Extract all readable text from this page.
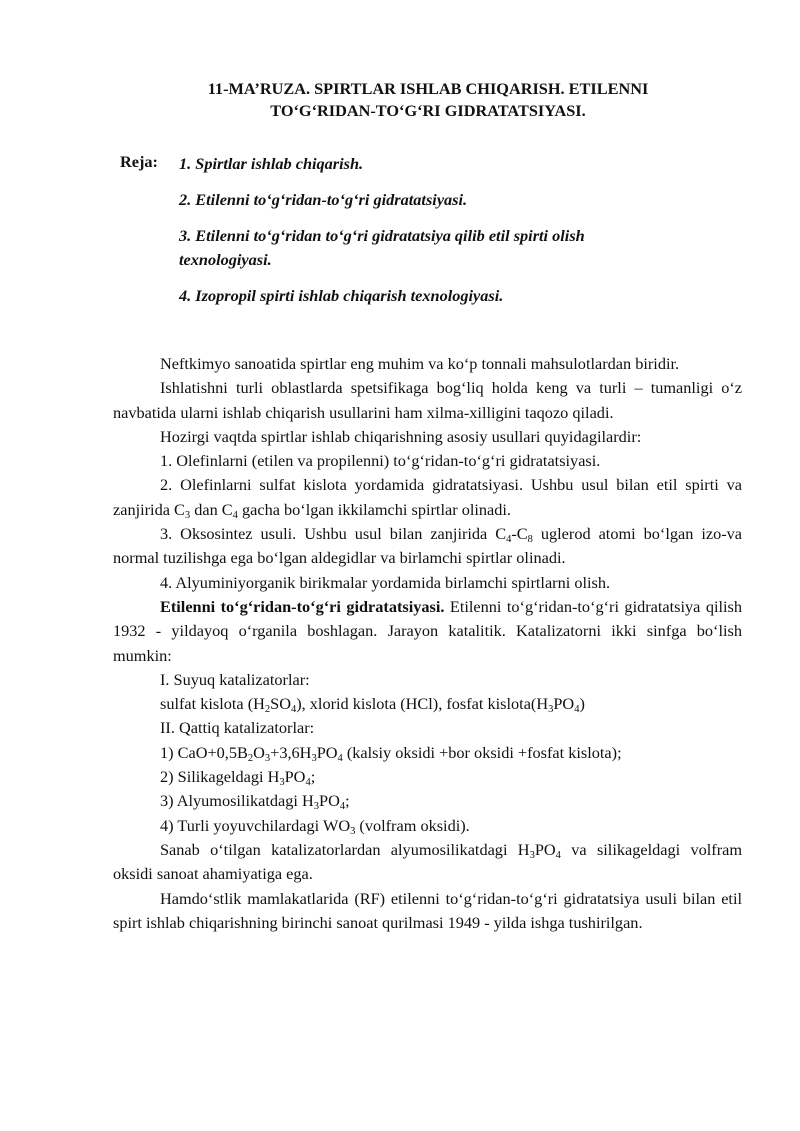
11-MA’RUZA. SPIRTLAR ISHLAB CHIQARISH. ETILENNI
TO‘G‘RIDAN-TO‘G‘RI GIDRATATSIYASI.
Reja: 1. Spirtlar ishlab chiqarish.
2. Etilenni to‘g‘ridan-to‘g‘ri gidratatsiyasi.
3. Etilenni to‘g‘ridan to‘g‘ri gidratatsiya qilib etil spirti olish
texnologiyasi.
4. Izopropil spirti ishlab chiqarish texnologiyasi.

Neftkimyo sanoatida spirtlar eng muhim va ko‘p tonnali mahsulotlardan biridir.

Ishlatishni turli oblastlarda spetsifikaga bog‘liq holda keng va turli – tumanligi o‘z navbatida ularni ishlab chiqarish usullarini ham xilma-xilligini taqozo qiladi.

Hozirgi vaqtda spirtlar ishlab chiqarishning asosiy usullari quyidagilardir:

1. Olefinlarni (etilen va propilenni) to‘g‘ridan-to‘g‘ri gidratatsiyasi.

2. Olefinlarni sulfat kislota yordamida gidratatsiyasi. Ushbu usul bilan etil spirti va zanjirida $C_3$ dan $C_4$ gacha bo‘lgan ikkilamchi spirtlar olinadi.

3. Oksosintez usuli. Ushbu usul bilan zanjirida $C_4-C_8$ uglerod atomi bo‘lgan izo-va normal tuzilishga ega bo‘lgan aldegidlar va birlamchi spirtlar olinadi.

4. Alyuminiyorganik birikmalar yordamida birlamchi spirtlarni olish.

Etilenni to‘g‘ridan-to‘g‘ri gidratatsiyasi. Etilenni to‘g‘ridan-to‘g‘ri gidratatsiya qilish 1932 - yildayoq o‘rganila boshlagan. Jarayon katalitik. Katalizatorni ikki sinfga bo‘lish mumkin:

I. Suyuq katalizatorlar:

sulfat kislota $(H_2SO_4)$, xlorid kislota (HCl), fosfat $kislota(H_3PO_4)$

II. Qattiq katalizatorlar:

1) $CaO+0,5B_2O_3+3,6H_3PO_4$ (kalsiy oksidi +bor oksidi +fosfat kislota);

2) Silikageldagi $H_3PO_4$;

3) Alyumosilikatdagi $H_3PO_4$;

4) Turli yoyuvchilardagi $WO_3$ (volfram oksidi).

Sanab o‘tilgan katalizatorlardan alyumosilikatdagi $H_3PO_4$ va silikageldagi volfram oksidi sanoat ahamiyatiga ega.

Hamdo‘stlik mamlakatlarida (RF) etilenni to‘g‘ridan-to‘g‘ri gidratatsiya usuli bilan etil spirt ishlab chiqarishning birinchi sanoat qurilmasi 1949 - yilda ishga tushirilgan.
